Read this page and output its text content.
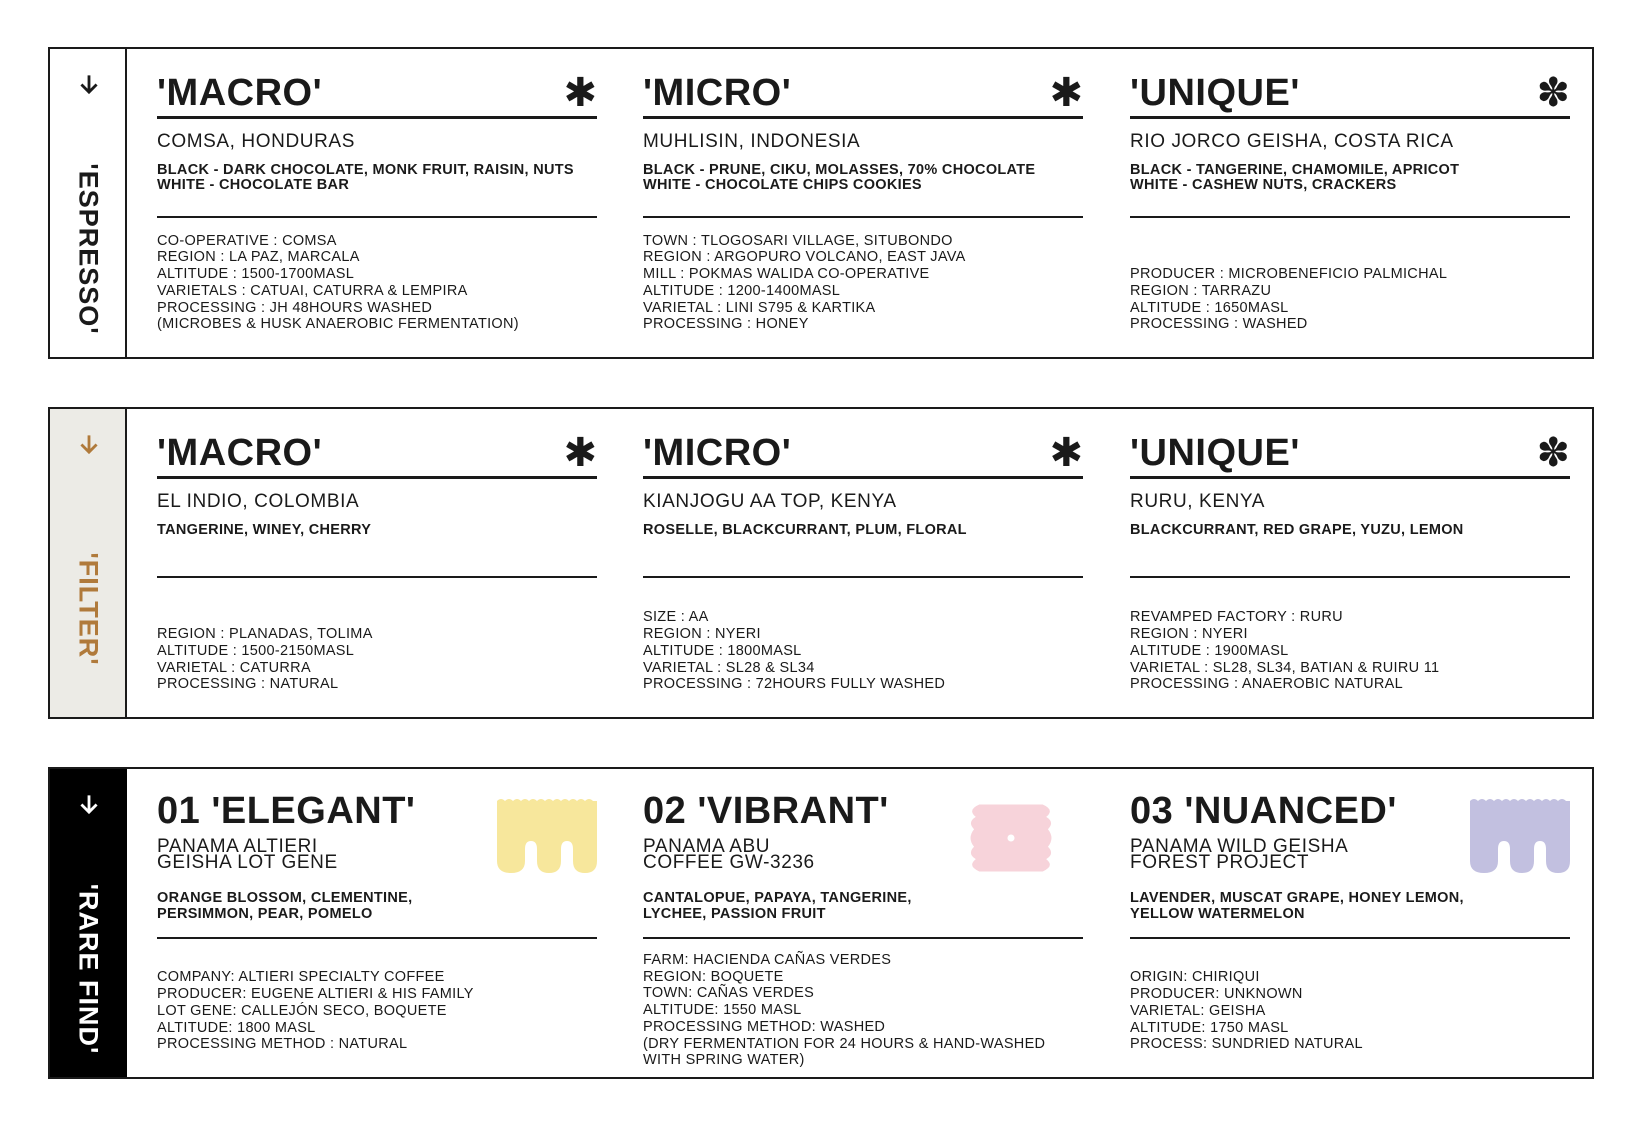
'ESPRESSO'
'MACRO'	✱
COMSA, HONDURAS
BLACK - DARK CHOCOLATE, MONK FRUIT, RAISIN, NUTS
WHITE - CHOCOLATE BAR
CO-OPERATIVE : COMSA
REGION : LA PAZ, MARCALA
ALTITUDE : 1500-1700MASL
VARIETALS : CATUAI, CATURRA & LEMPIRA
PROCESSING : JH 48HOURS WASHED
(MICROBES & HUSK ANAEROBIC FERMENTATION)
'MICRO'	✱
MUHLISIN, INDONESIA
BLACK - PRUNE, CIKU, MOLASSES, 70% CHOCOLATE
WHITE - CHOCOLATE CHIPS COOKIES
TOWN : TLOGOSARI VILLAGE, SITUBONDO
REGION : ARGOPURO VOLCANO, EAST JAVA
MILL : POKMAS WALIDA CO-OPERATIVE
ALTITUDE : 1200-1400MASL
VARIETAL : LINI S795 & KARTIKA
PROCESSING : HONEY
'UNIQUE'	✽
RIO JORCO GEISHA, COSTA RICA
BLACK - TANGERINE, CHAMOMILE, APRICOT
WHITE - CASHEW NUTS, CRACKERS
PRODUCER : MICROBENEFICIO PALMICHAL
REGION : TARRAZU
ALTITUDE : 1650MASL
PROCESSING : WASHED
'FILTER'
'MACRO'	✱
EL INDIO, COLOMBIA
TANGERINE, WINEY, CHERRY
REGION : PLANADAS, TOLIMA
ALTITUDE : 1500-2150MASL
VARIETAL : CATURRA
PROCESSING : NATURAL
'MICRO'	✱
KIANJOGU AA TOP, KENYA
ROSELLE, BLACKCURRANT, PLUM, FLORAL
SIZE : AA
REGION : NYERI
ALTITUDE : 1800MASL
VARIETAL : SL28 & SL34
PROCESSING : 72HOURS FULLY WASHED
'UNIQUE'	✽
RURU, KENYA
BLACKCURRANT, RED GRAPE, YUZU, LEMON
REVAMPED FACTORY : RURU
REGION : NYERI
ALTITUDE : 1900MASL
VARIETAL : SL28, SL34, BATIAN & RUIRU 11
PROCESSING : ANAEROBIC NATURAL
'RARE FIND'
01 'ELEGANT'
PANAMA ALTIERI
GEISHA LOT GENE
ORANGE BLOSSOM, CLEMENTINE,
PERSIMMON, PEAR, POMELO
COMPANY: ALTIERI SPECIALTY COFFEE
PRODUCER: EUGENE ALTIERI & HIS FAMILY
LOT GENE: CALLEJÓN SECO, BOQUETE
ALTITUDE: 1800 MASL
PROCESSING METHOD : NATURAL
02 'VIBRANT'
PANAMA ABU
COFFEE GW-3236
CANTALOPUE, PAPAYA, TANGERINE,
LYCHEE, PASSION FRUIT
FARM: HACIENDA CAÑAS VERDES
REGION: BOQUETE
TOWN: CAÑAS VERDES
ALTITUDE: 1550 MASL
PROCESSING METHOD: WASHED
(DRY FERMENTATION FOR 24 HOURS & HAND-WASHED
WITH SPRING WATER)
03 'NUANCED'
PANAMA WILD GEISHA
FOREST PROJECT
LAVENDER, MUSCAT GRAPE, HONEY LEMON,
YELLOW WATERMELON
ORIGIN: CHIRIQUI
PRODUCER: UNKNOWN
VARIETAL: GEISHA
ALTITUDE: 1750 MASL
PROCESS: SUNDRIED NATURAL
